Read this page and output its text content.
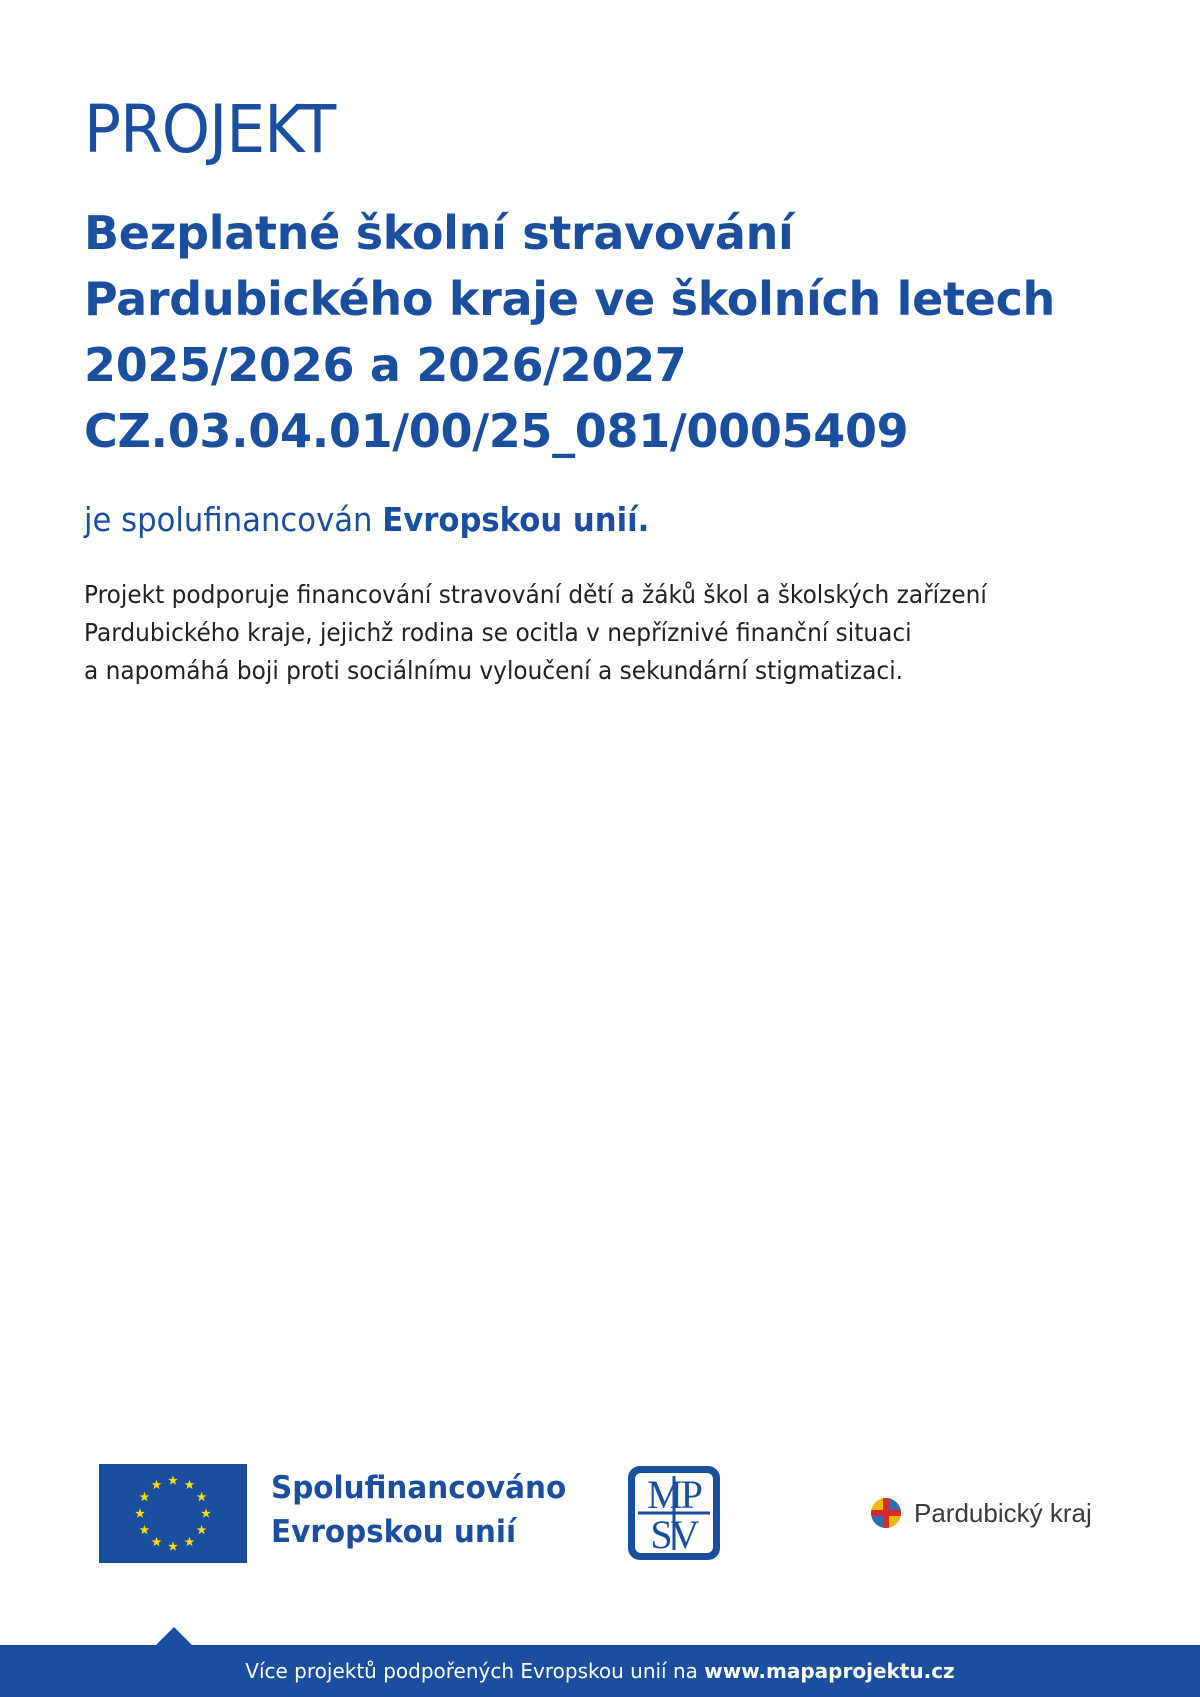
PROJEKT
Bezplatné školní stravování
Pardubického kraje ve školních letech
2025/2026 a 2026/2027
CZ.03.04.01/00/25_081/0005409
je spolufinancován Evropskou unií.
Projekt podporuje financování stravování dětí a žáků škol a školských zařízení
Pardubického kraje, jejichž rodina se ocitla v nepříznivé finanční situaci
a napomáhá boji proti sociálnímu vyloučení a sekundární stigmatizaci.
Spolufinancováno
Evropskou unií
MP
SV	Pardubický kraj
Více projektů podpořených Evropskou unií na www.mapaprojektu.cz
